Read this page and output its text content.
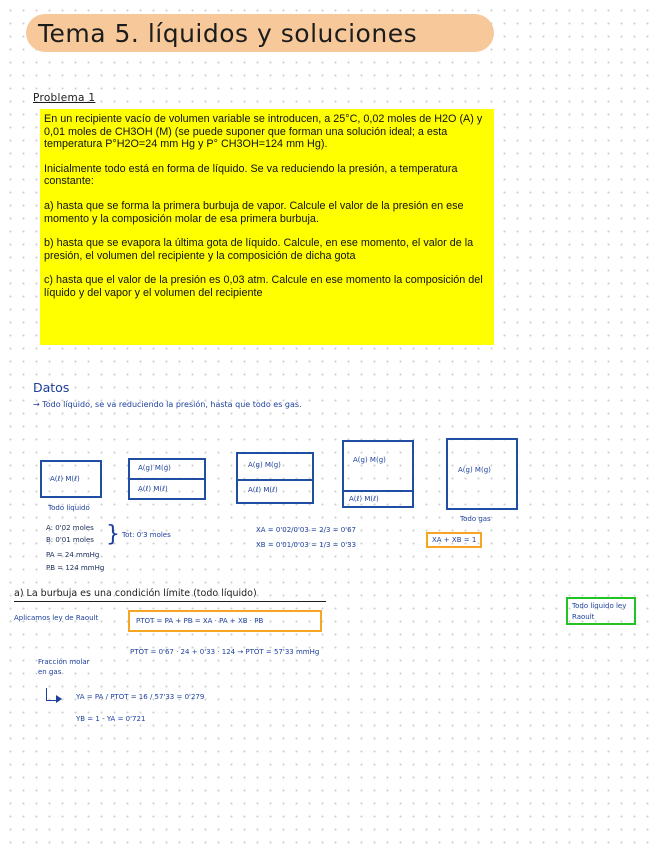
Tema 5. líquidos y soluciones
Problema 1

En un recipiente vacío de volumen variable se introducen, a 25°C, 0,02 moles de H2O (A) y 0,01 moles de CH3OH (M) (se puede suponer que forman una solución ideal; a esta temperatura P°H2O=24 mm Hg y P° CH3OH=124 mm Hg).

Inicialmente todo está en forma de líquido. Se va reduciendo la presión, a temperatura constante:

a) hasta que se forma la primera burbuja de vapor. Calcule el valor de la presión en ese momento y la composición molar de esa primera burbuja.

b) hasta que se evapora la última gota de líquido. Calcule, en ese momento, el valor de la presión, el volumen del recipiente y la composición de dicha gota

c) hasta que el valor de la presión es 0,03 atm. Calcule en ese momento la composición del líquido y del vapor y el volumen del recipiente

Datos
→ Todo líquido, se va reduciendo la presión, hasta que todo es gas.
A(ℓ) M(ℓ)
A(g) M(g)
A(ℓ) M(ℓ)
A(g) M(g)
A(ℓ) M(ℓ)
A(g) M(g)
A(ℓ) M(ℓ)
A(g) M(g)
Todo líquido
Todo gas
A: 0'02 moles
B: 0'01 moles } Tot: 0'3 moles
PA = 24 mmHg
PB = 124 mmHg
XA = 0'02/0'03 = 2/3 = 0'67
XB = 0'01/0'03 = 1/3 = 0'33
XA + XB = 1
a) La burbuja es una condición límite (todo líquido)
Aplicamos ley de Raoult	PTOT = PA + PB = XA · PA + XB · PB
Todo líquido ley Raoult
PTOT = 0'67 · 24 + 0'33 · 124 → PTOT = 57'33 mmHg
Fracción molar en gas
YA = PA / PTOT = 16 / 57'33 = 0'279
YB = 1 - YA = 0'721
